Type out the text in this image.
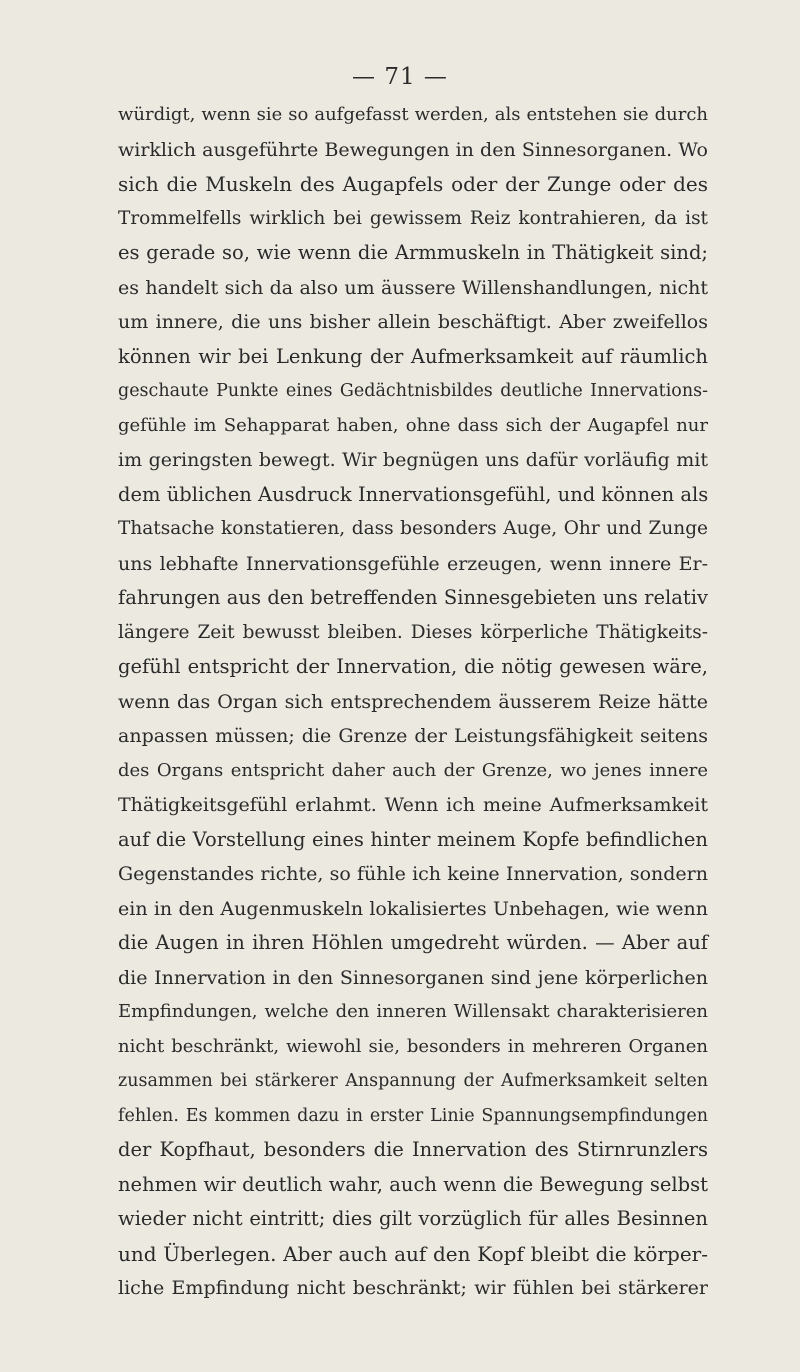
— 71 —
würdigt, wenn sie so aufgefasst werden, als entstehen sie durch
wirklich ausgeführte Bewegungen in den Sinnesorganen. Wo
sich die Muskeln des Augapfels oder der Zunge oder des
Trommelfells wirklich bei gewissem Reiz kontrahieren, da ist
es gerade so, wie wenn die Armmuskeln in Thätigkeit sind;
es handelt sich da also um äussere Willenshandlungen, nicht
um innere, die uns bisher allein beschäftigt. Aber zweifellos
können wir bei Lenkung der Aufmerksamkeit auf räumlich
geschaute Punkte eines Gedächtnisbildes deutliche Innervations-
gefühle im Sehapparat haben, ohne dass sich der Augapfel nur
im geringsten bewegt. Wir begnügen uns dafür vorläufig mit
dem üblichen Ausdruck Innervationsgefühl, und können als
Thatsache konstatieren, dass besonders Auge, Ohr und Zunge
uns lebhafte Innervationsgefühle erzeugen, wenn innere Er-
fahrungen aus den betreffenden Sinnesgebieten uns relativ
längere Zeit bewusst bleiben. Dieses körperliche Thätigkeits-
gefühl entspricht der Innervation, die nötig gewesen wäre,
wenn das Organ sich entsprechendem äusserem Reize hätte
anpassen müssen; die Grenze der Leistungsfähigkeit seitens
des Organs entspricht daher auch der Grenze, wo jenes innere
Thätigkeitsgefühl erlahmt. Wenn ich meine Aufmerksamkeit
auf die Vorstellung eines hinter meinem Kopfe befindlichen
Gegenstandes richte, so fühle ich keine Innervation, sondern
ein in den Augenmuskeln lokalisiertes Unbehagen, wie wenn
die Augen in ihren Höhlen umgedreht würden. — Aber auf
die Innervation in den Sinnesorganen sind jene körperlichen
Empfindungen, welche den inneren Willensakt charakterisieren
nicht beschränkt, wiewohl sie, besonders in mehreren Organen
zusammen bei stärkerer Anspannung der Aufmerksamkeit selten
fehlen. Es kommen dazu in erster Linie Spannungsempfindungen
der Kopfhaut, besonders die Innervation des Stirnrunzlers
nehmen wir deutlich wahr, auch wenn die Bewegung selbst
wieder nicht eintritt; dies gilt vorzüglich für alles Besinnen
und Überlegen. Aber auch auf den Kopf bleibt die körper-
liche Empfindung nicht beschränkt; wir fühlen bei stärkerer
